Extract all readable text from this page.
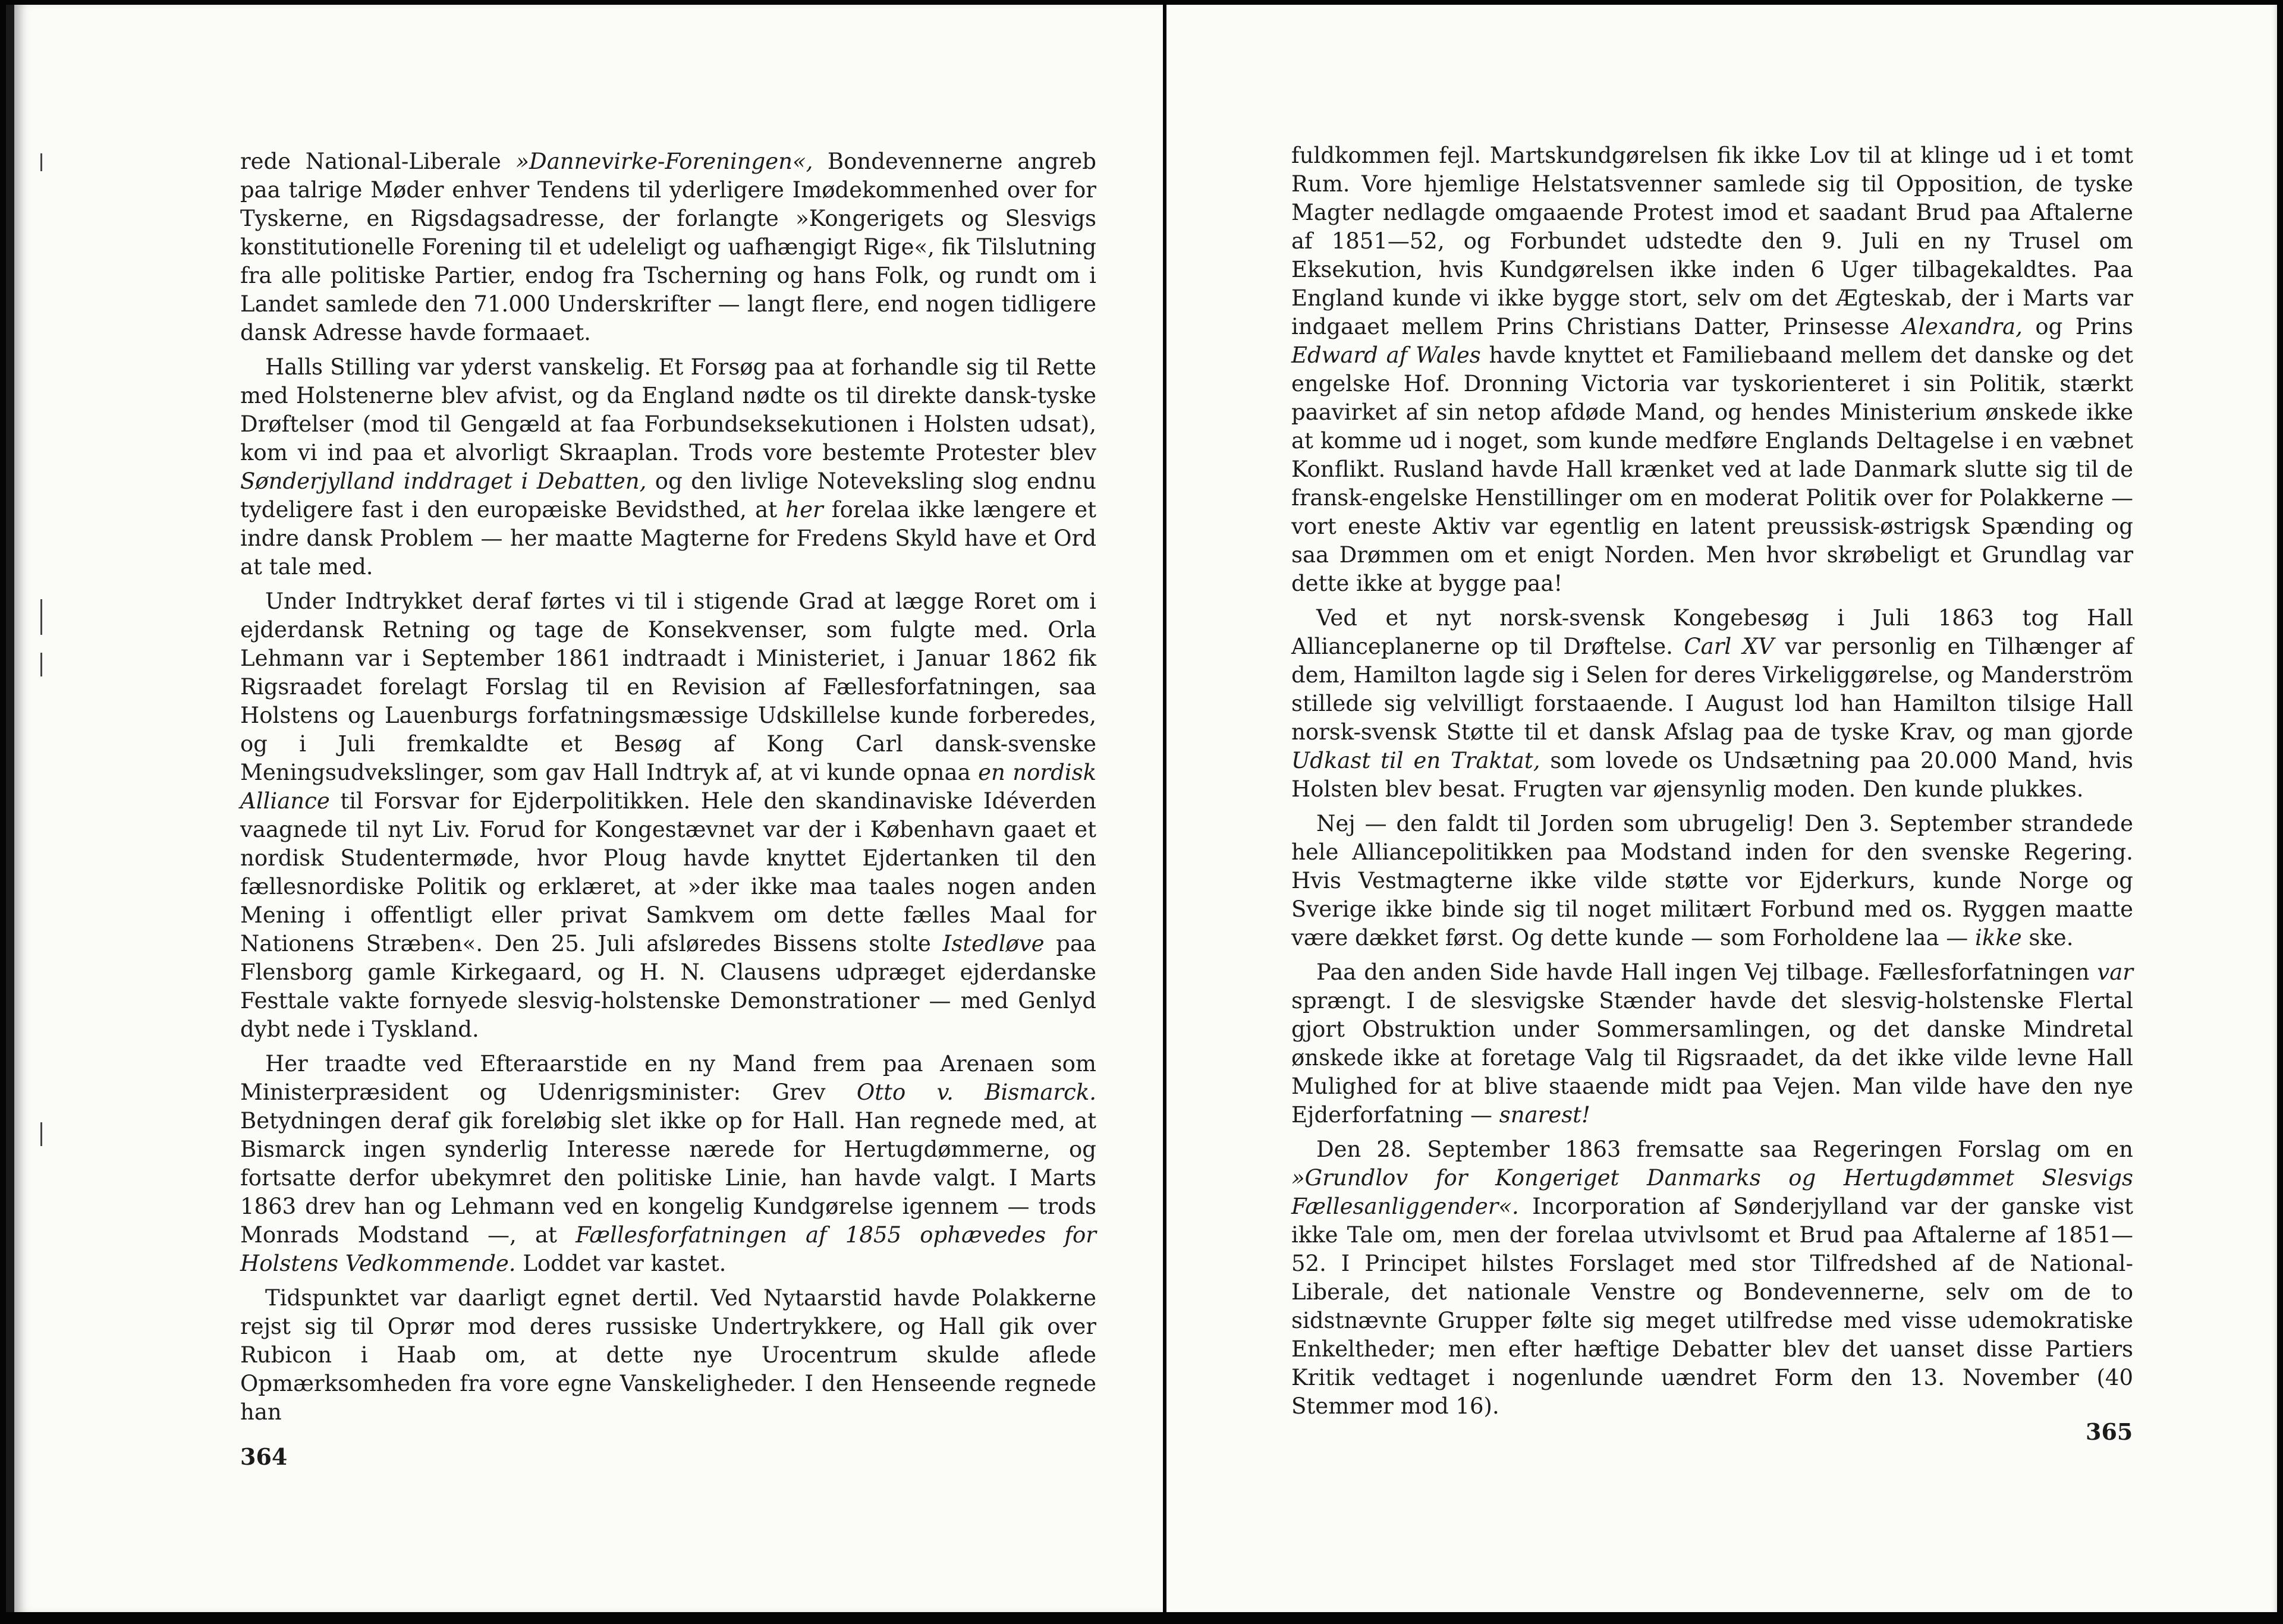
rede National-Liberale »Dannevirke-Foreningen«, Bondevennerne angreb paa talrige Møder enhver Tendens til yderligere Imødekommenhed over for Tyskerne, en Rigsdagsadresse, der forlangte »Kongerigets og Slesvigs konstitutionelle Forening til et udeleligt og uafhængigt Rige«, fik Tilslutning fra alle politiske Partier, endog fra Tscherning og hans Folk, og rundt om i Landet samlede den 71.000 Underskrifter — langt flere, end nogen tidligere dansk Adresse havde formaaet.

Halls Stilling var yderst vanskelig. Et Forsøg paa at forhandle sig til Rette med Holstenerne blev afvist, og da England nødte os til direkte dansk-tyske Drøftelser (mod til Gengæld at faa Forbundseksekutionen i Holsten udsat), kom vi ind paa et alvorligt Skraaplan. Trods vore bestemte Protester blev Sønderjylland inddraget i Debatten, og den livlige Noteveksling slog endnu tydeligere fast i den europæiske Bevidsthed, at her forelaa ikke længere et indre dansk Problem — her maatte Magterne for Fredens Skyld have et Ord at tale med.

Under Indtrykket deraf førtes vi til i stigende Grad at lægge Roret om i ejderdansk Retning og tage de Konsekvenser, som fulgte med. Orla Lehmann var i September 1861 indtraadt i Ministeriet, i Januar 1862 fik Rigsraadet forelagt Forslag til en Revision af Fællesforfatningen, saa Holstens og Lauenburgs forfatningsmæssige Udskillelse kunde forberedes, og i Juli fremkaldte et Besøg af Kong Carl dansk-svenske Meningsudvekslinger, som gav Hall Indtryk af, at vi kunde opnaa en nordisk Alliance til Forsvar for Ejderpolitikken. Hele den skandinaviske Idéverden vaagnede til nyt Liv. Forud for Kongestævnet var der i København gaaet et nordisk Studentermøde, hvor Ploug havde knyttet Ejdertanken til den fællesnordiske Politik og erklæret, at »der ikke maa taales nogen anden Mening i offentligt eller privat Samkvem om dette fælles Maal for Nationens Stræben«. Den 25. Juli afsløredes Bissens stolte Istedløve paa Flensborg gamle Kirkegaard, og H. N. Clausens udpræget ejderdanske Festtale vakte fornyede slesvig-holstenske Demonstrationer — med Genlyd dybt nede i Tyskland.

Her traadte ved Efteraarstide en ny Mand frem paa Arenaen som Ministerpræsident og Udenrigsminister: Grev Otto v. Bismarck. Betydningen deraf gik foreløbig slet ikke op for Hall. Han regnede med, at Bismarck ingen synderlig Interesse nærede for Hertugdømmerne, og fortsatte derfor ubekymret den politiske Linie, han havde valgt. I Marts 1863 drev han og Lehmann ved en kongelig Kundgørelse igennem — trods Monrads Modstand —, at Fællesforfatningen af 1855 ophævedes for Holstens Vedkommende. Loddet var kastet.

Tidspunktet var daarligt egnet dertil. Ved Nytaarstid havde Polakkerne rejst sig til Oprør mod deres russiske Undertrykkere, og Hall gik over Rubicon i Haab om, at dette nye Urocentrum skulde aflede Opmærksomheden fra vore egne Vanskeligheder. I den Henseende regnede han

364

fuldkommen fejl. Martskundgørelsen fik ikke Lov til at klinge ud i et tomt Rum. Vore hjemlige Helstatsvenner samlede sig til Opposition, de tyske Magter nedlagde omgaaende Protest imod et saadant Brud paa Aftalerne af 1851—52, og Forbundet udstedte den 9. Juli en ny Trusel om Eksekution, hvis Kundgørelsen ikke inden 6 Uger tilbagekaldtes. Paa England kunde vi ikke bygge stort, selv om det Ægteskab, der i Marts var indgaaet mellem Prins Christians Datter, Prinsesse Alexandra, og Prins Edward af Wales havde knyttet et Familiebaand mellem det danske og det engelske Hof. Dronning Victoria var tyskorienteret i sin Politik, stærkt paavirket af sin netop afdøde Mand, og hendes Ministerium ønskede ikke at komme ud i noget, som kunde medføre Englands Deltagelse i en væbnet Konflikt. Rusland havde Hall krænket ved at lade Danmark slutte sig til de fransk-engelske Henstillinger om en moderat Politik over for Polakkerne — vort eneste Aktiv var egentlig en latent preussisk-østrigsk Spænding og saa Drømmen om et enigt Norden. Men hvor skrøbeligt et Grundlag var dette ikke at bygge paa!

Ved et nyt norsk-svensk Kongebesøg i Juli 1863 tog Hall Allianceplanerne op til Drøftelse. Carl XV var personlig en Tilhænger af dem, Hamilton lagde sig i Selen for deres Virkeliggørelse, og Manderström stillede sig velvilligt forstaaende. I August lod han Hamilton tilsige Hall norsk-svensk Støtte til et dansk Afslag paa de tyske Krav, og man gjorde Udkast til en Traktat, som lovede os Undsætning paa 20.000 Mand, hvis Holsten blev besat. Frugten var øjensynlig moden. Den kunde plukkes.

Nej — den faldt til Jorden som ubrugelig! Den 3. September strandede hele Alliancepolitikken paa Modstand inden for den svenske Regering. Hvis Vestmagterne ikke vilde støtte vor Ejderkurs, kunde Norge og Sverige ikke binde sig til noget militært Forbund med os. Ryggen maatte være dækket først. Og dette kunde — som Forholdene laa — ikke ske.

Paa den anden Side havde Hall ingen Vej tilbage. Fællesforfatningen var sprængt. I de slesvigske Stænder havde det slesvig-holstenske Flertal gjort Obstruktion under Sommersamlingen, og det danske Mindretal ønskede ikke at foretage Valg til Rigsraadet, da det ikke vilde levne Hall Mulighed for at blive staaende midt paa Vejen. Man vilde have den nye Ejderforfatning — snarest!

Den 28. September 1863 fremsatte saa Regeringen Forslag om en »Grundlov for Kongeriget Danmarks og Hertugdømmet Slesvigs Fællesanliggender«. Incorporation af Sønderjylland var der ganske vist ikke Tale om, men der forelaa utvivlsomt et Brud paa Aftalerne af 1851—52. I Principet hilstes Forslaget med stor Tilfredshed af de National-Liberale, det nationale Venstre og Bondevennerne, selv om de to sidstnævnte Grupper følte sig meget utilfredse med visse udemokratiske Enkeltheder; men efter hæftige Debatter blev det uanset disse Partiers Kritik vedtaget i nogenlunde uændret Form den 13. November (40 Stemmer mod 16).

365
